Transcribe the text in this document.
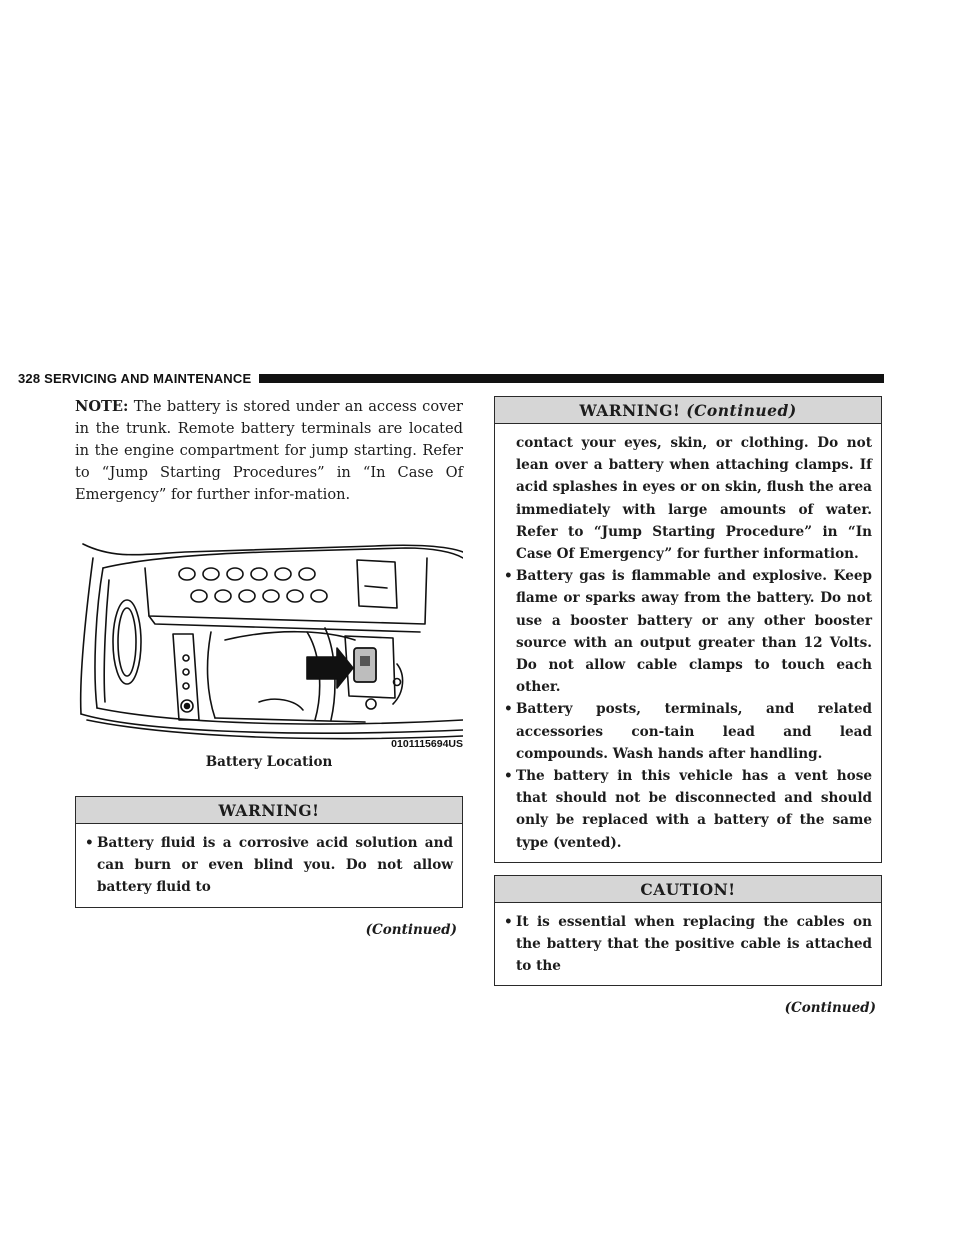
328 SERVICING AND MAINTENANCE

NOTE: The battery is stored under an access cover in the trunk. Remote battery terminals are located in the engine compartment for jump starting. Refer to “Jump Starting Procedures” in “In Case Of Emergency” for further infor-mation.

0101115694US
Battery Location
WARNING!
• Battery fluid is a corrosive acid solution and can burn or even blind you. Do not allow battery fluid to
(Continued)
WARNING! (Continued)
contact your eyes, skin, or clothing. Do not lean over a battery when attaching clamps. If acid splashes in eyes or on skin, flush the area immediately with large amounts of water. Refer to “Jump Starting Procedure” in “In Case Of Emergency” for further information.
• Battery gas is flammable and explosive. Keep flame or sparks away from the battery. Do not use a booster battery or any other booster source with an output greater than 12 Volts. Do not allow cable clamps to touch each other.
• Battery posts, terminals, and related accessories con-tain lead and lead compounds. Wash hands after handling.
• The battery in this vehicle has a vent hose that should not be disconnected and should only be replaced with a battery of the same type (vented).
CAUTION!
• It is essential when replacing the cables on the battery that the positive cable is attached to the
(Continued)
